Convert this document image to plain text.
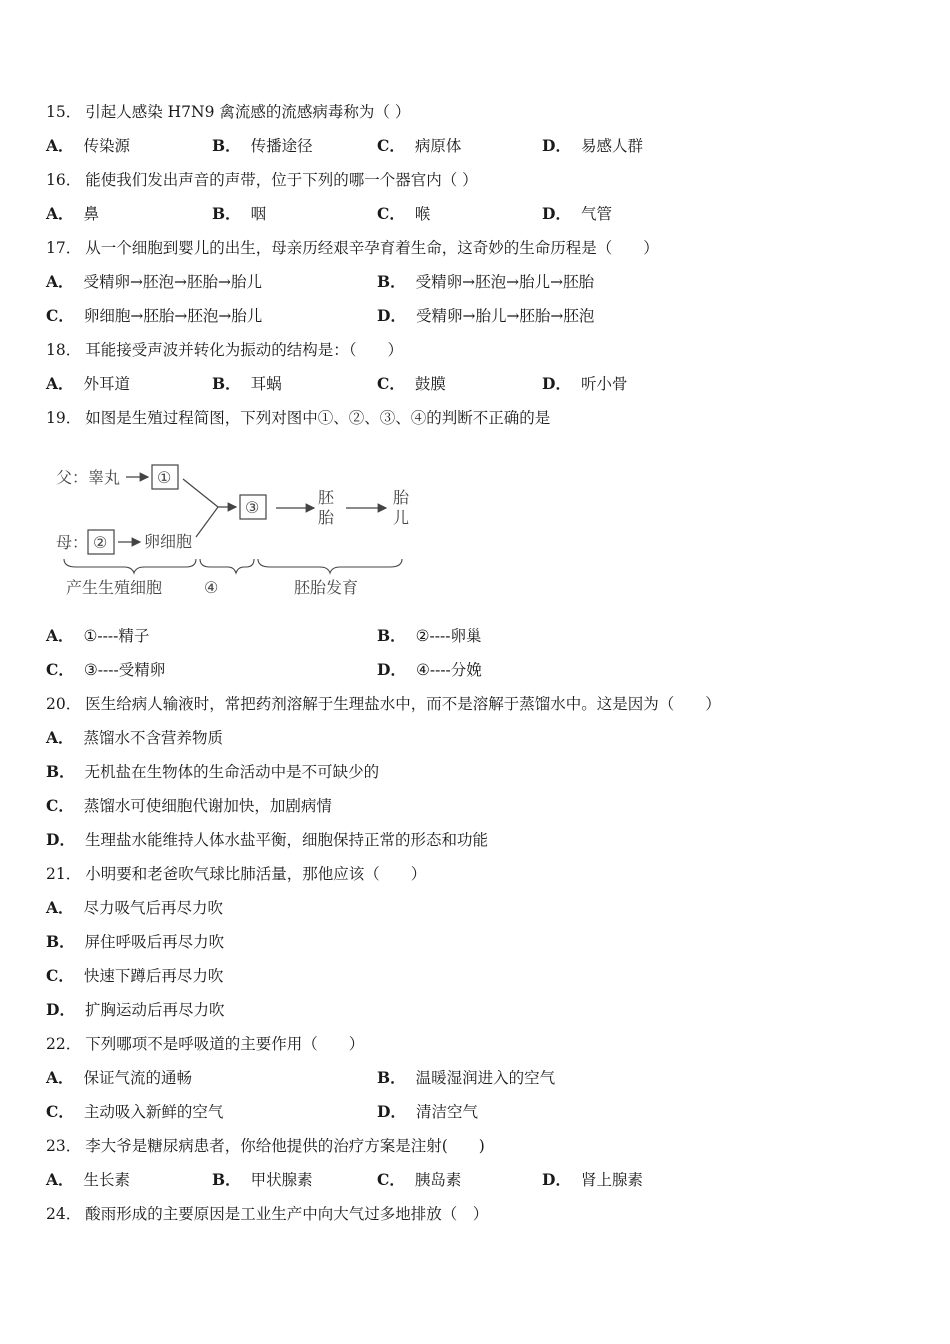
15． 引起人感染 H7N9 禽流感的流感病毒称为（ ）
A． 传染源	B． 传播途径	C． 病原体	D． 易感人群
16． 能使我们发出声音的声带，位于下列的哪一个器官内（ ）
A． 鼻	B． 咽	C． 喉	D． 气管
17． 从一个细胞到婴儿的出生，母亲历经艰辛孕育着生命，这奇妙的生命历程是（　　）
A． 受精卵→胚泡→胚胎→胎儿	B． 受精卵→胚泡→胎儿→胚胎
C． 卵细胞→胚胎→胚泡→胎儿	D． 受精卵→胎儿→胚胎→胚泡
18． 耳能接受声波并转化为振动的结构是：（　　）
A． 外耳道	B． 耳蜗	C． 鼓膜	D． 听小骨
19． 如图是生殖过程简图，下列对图中①、②、③、④的判断不正确的是
父：睾丸 ①
母： ② 卵细胞
③
胚
胎
胎
儿
产生生殖细胞	④	胚胎发育
A． ①----精子	B． ②----卵巢
C． ③----受精卵	D． ④----分娩
20． 医生给病人输液时，常把药剂溶解于生理盐水中，而不是溶解于蒸馏水中。这是因为（　　）
A． 蒸馏水不含营养物质
B． 无机盐在生物体的生命活动中是不可缺少的
C． 蒸馏水可使细胞代谢加快，加剧病情
D． 生理盐水能维持人体水盐平衡，细胞保持正常的形态和功能
21． 小明要和老爸吹气球比肺活量，那他应该（　　）
A． 尽力吸气后再尽力吹
B． 屏住呼吸后再尽力吹
C． 快速下蹲后再尽力吹
D． 扩胸运动后再尽力吹
22． 下列哪项不是呼吸道的主要作用（　　）
A． 保证气流的通畅	B． 温暖湿润进入的空气
C． 主动吸入新鲜的空气	D． 清洁空气
23． 李大爷是糖尿病患者，你给他提供的治疗方案是注射(　　)
A． 生长素	B． 甲状腺素	C． 胰岛素	D． 肾上腺素
24． 酸雨形成的主要原因是工业生产中向大气过多地排放（　）
